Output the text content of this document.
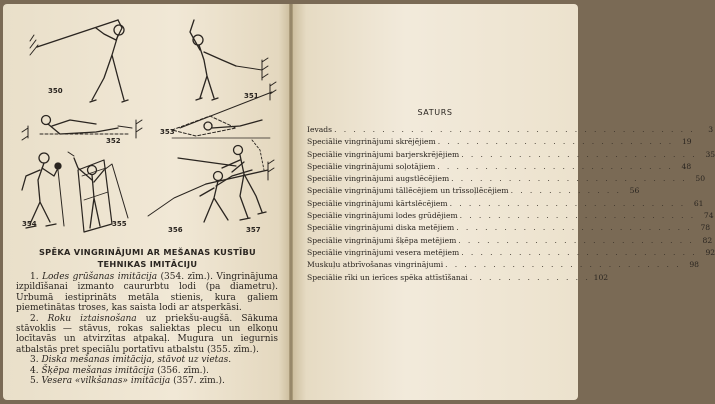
350
351
352
353
354	355
356	357
SPĒKA VINGRINĀJUMI AR MEŠANAS KUSTĪBU
TEHNIKAS IMITĀCIJU

1. Lodes grūšanas imitācija (354. zīm.). Vingrinājuma izpildīšanai izmanto caururbtu lodi (pa diametru). Urbumā iestiprināts metāla stienis, kura galiem piemetinātas troses, kas saista lodi ar atsperkāsi.

2. Roku iztaisnošana uz priekšu-augšā. Sākuma stāvoklis — stāvus, rokas saliektas plecu un elkoņu locītavās un atvirzītas atpakaļ. Mugura un iegurnis atbalstās pret speciālu portatīvu atbalstu (355. zīm.).

3. Diska mešanas imitācija, stāvot uz vietas.

4. Šķēpa mešanas imitācija (356. zīm.).

5. Vesera «vilkšanas» imitācija (357. zīm.).

SATURS
Ievads . . . . . . . . . . . . . . . . . . . . . . . . . . . . . . . . . . . . . .	3
Speciālie vingrinājumi skrējējiem . . . . . . . . . . . . . . . . . . . . . . . . .	19
Speciālie vingrinājumi barjerskrējējiem . . . . . . . . . . . . . . . . . . . . . . . . .	35
Speciālie vingrinājumi soļotājiem . . . . . . . . . . . . . . . . . . . . . . . . .	48
Speciālie vingrinājumi augstlēcējiem . . . . . . . . . . . . . . . . . . . . . . . . .	50
Speciālie vingrinājumi tāllēcējiem un trīssoļlēcējiem . . . . . . . . . . . .	56
Speciālie vingrinājumi kārtslēcējiem . . . . . . . . . . . . . . . . . . . . . . . . .	61
Speciālie vingrinājumi lodes grūdējiem . . . . . . . . . . . . . . . . . . . . . . . . .	74
Speciālie vingrinājumi diska metējiem . . . . . . . . . . . . . . . . . . . . . . . . .	78
Speciālie vingrinājumi šķēpa metējiem . . . . . . . . . . . . . . . . . . . . . . . . .	82
Speciālie vingrinājumi vesera metējiem . . . . . . . . . . . . . . . . . . . . . . . . .	92
Muskuļu atbrīvošanas vingrinājumi . . . . . . . . . . . . . . . . . . . . . . . . .	98
Speciālie rīki un ierīces spēka attīstīšanai . . . . . . . . . . . . . 102
